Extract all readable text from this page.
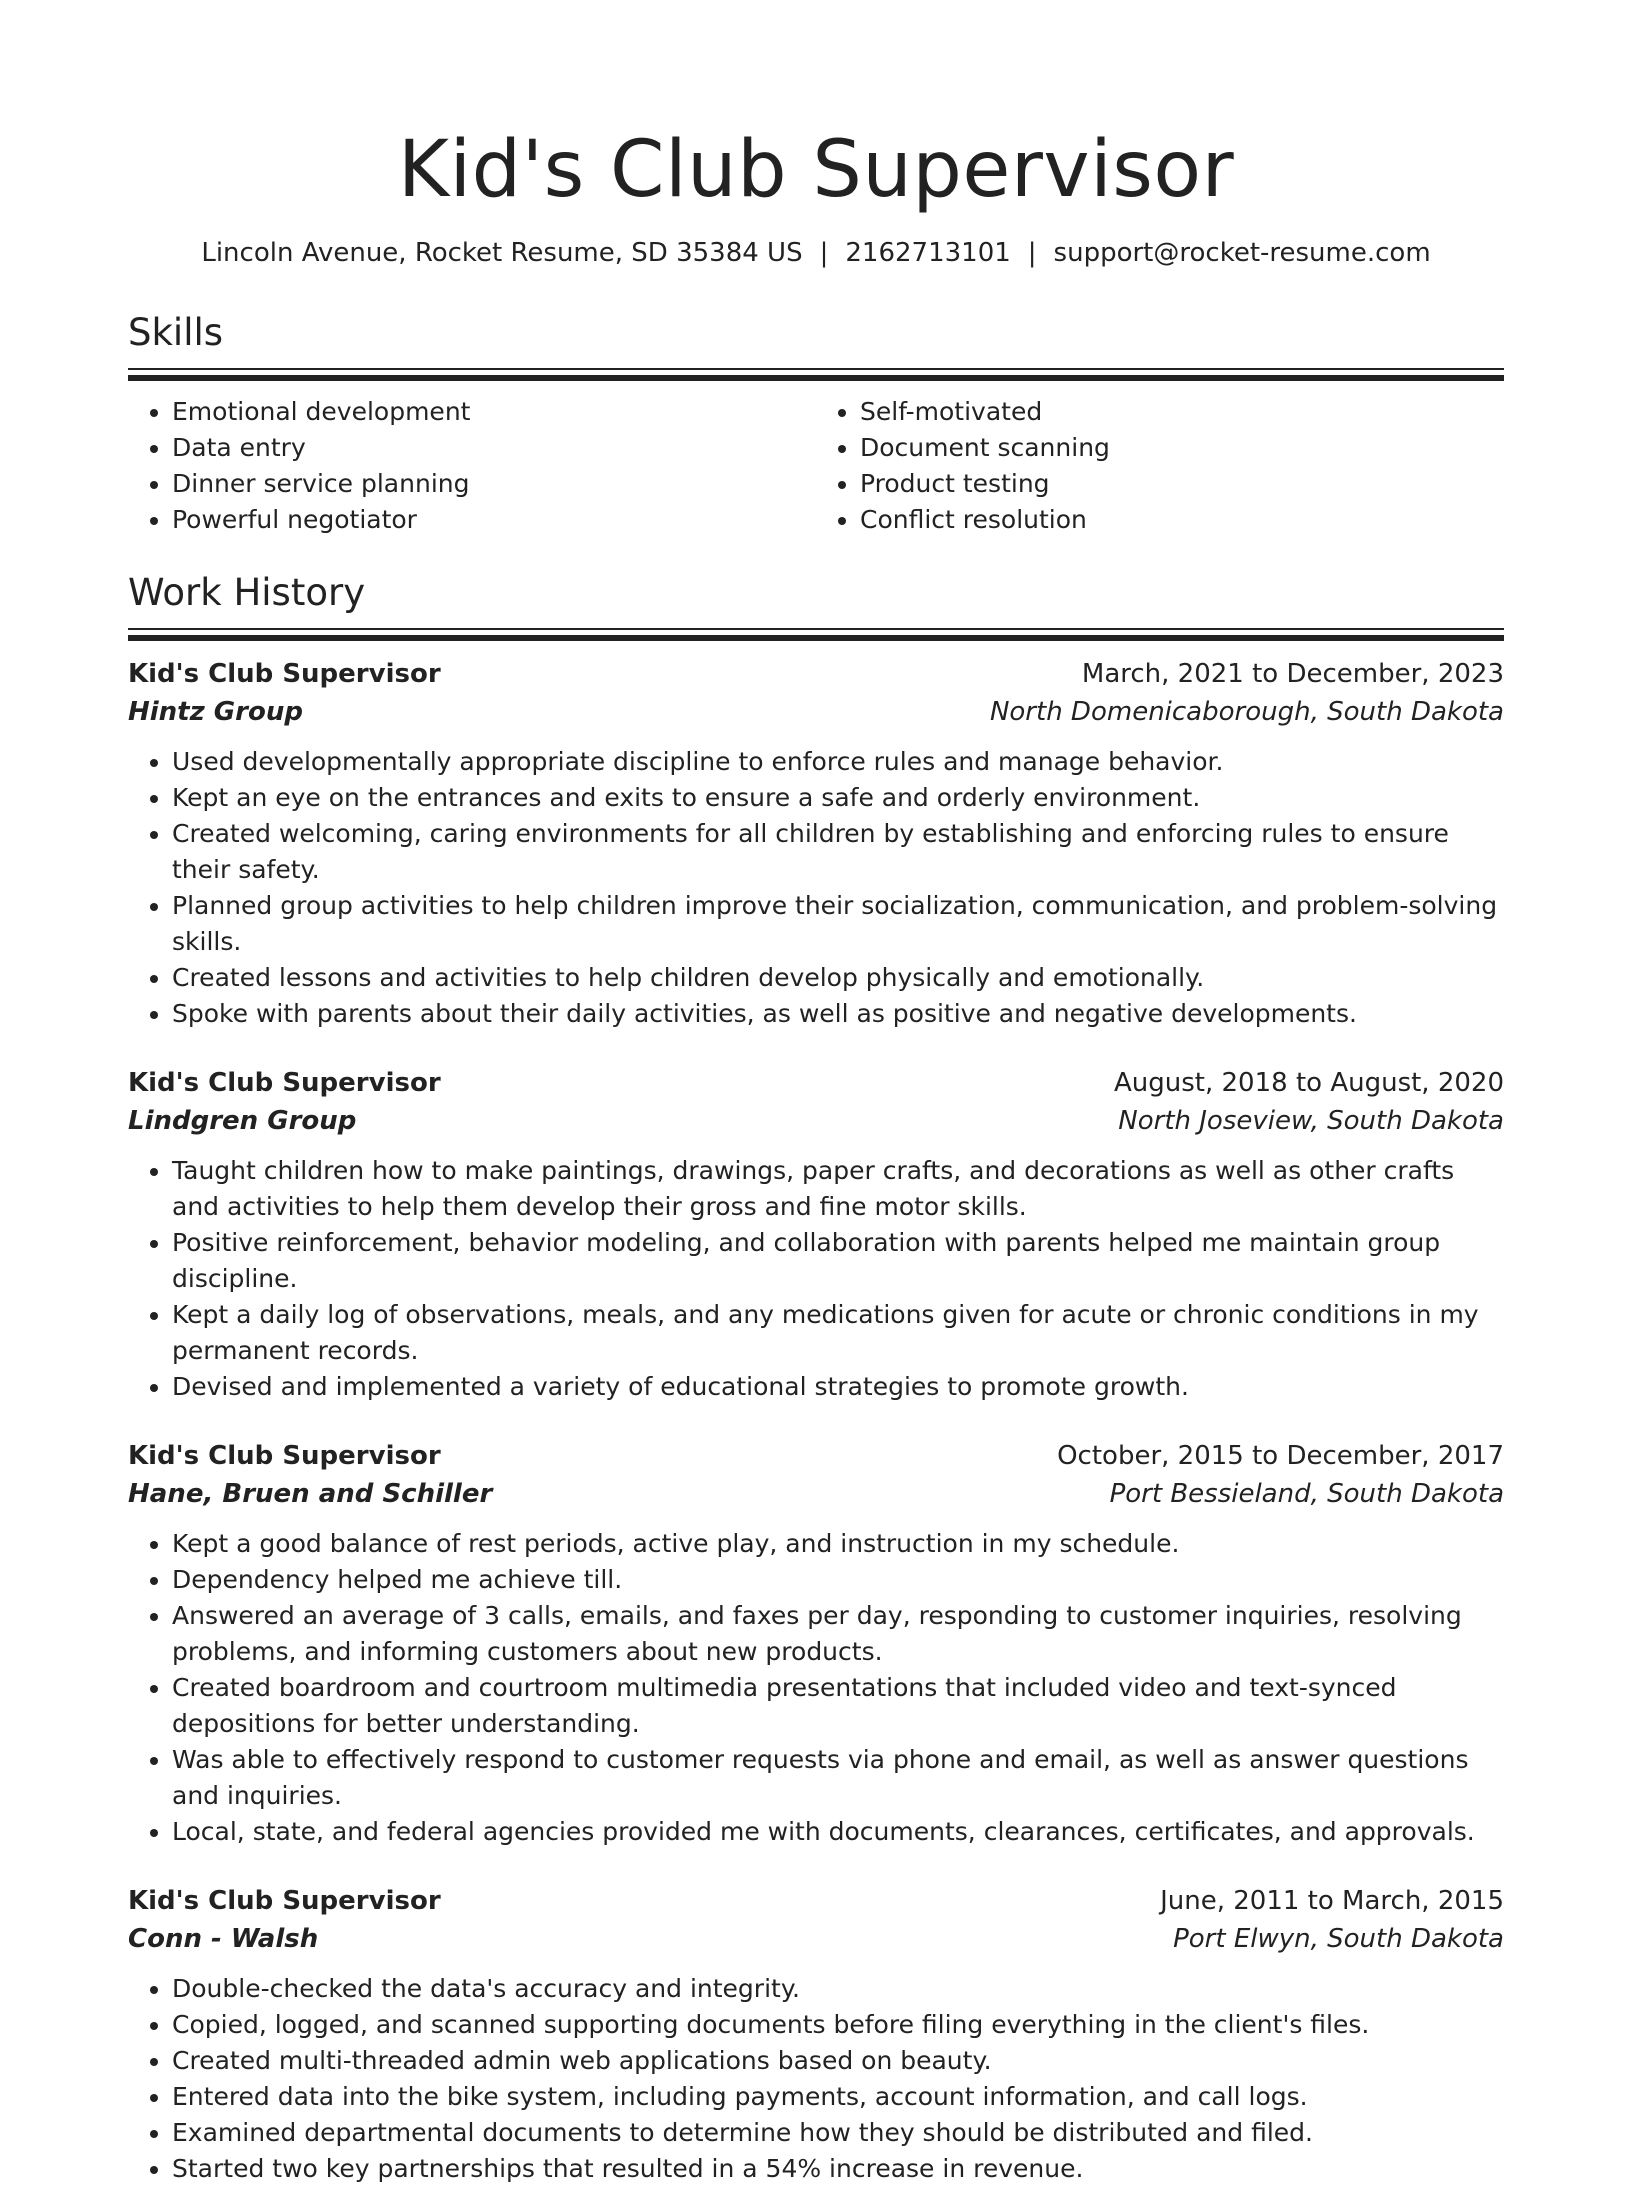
Kid's Club Supervisor
Lincoln Avenue, Rocket Resume, SD 35384 US | 2162713101 | support@rocket-resume.com
Skills
• Emotional development
• Data entry
• Dinner service planning
• Powerful negotiator
• Self-motivated
• Document scanning
• Product testing
• Conflict resolution
Work History
Kid's Club Supervisor	March, 2021 to December, 2023
Hintz Group	North Domenicaborough, South Dakota
• Used developmentally appropriate discipline to enforce rules and manage behavior.
• Kept an eye on the entrances and exits to ensure a safe and orderly environment.
• Created welcoming, caring environments for all children by establishing and enforcing rules to ensure their safety.
• Planned group activities to help children improve their socialization, communication, and problem-solving skills.
• Created lessons and activities to help children develop physically and emotionally.
• Spoke with parents about their daily activities, as well as positive and negative developments.
Kid's Club Supervisor	August, 2018 to August, 2020
Lindgren Group	North Joseview, South Dakota
• Taught children how to make paintings, drawings, paper crafts, and decorations as well as other crafts and activities to help them develop their gross and fine motor skills.
• Positive reinforcement, behavior modeling, and collaboration with parents helped me maintain group discipline.
• Kept a daily log of observations, meals, and any medications given for acute or chronic conditions in my permanent records.
• Devised and implemented a variety of educational strategies to promote growth.
Kid's Club Supervisor	October, 2015 to December, 2017
Hane, Bruen and Schiller	Port Bessieland, South Dakota
• Kept a good balance of rest periods, active play, and instruction in my schedule.
• Dependency helped me achieve till.
• Answered an average of 3 calls, emails, and faxes per day, responding to customer inquiries, resolving problems, and informing customers about new products.
• Created boardroom and courtroom multimedia presentations that included video and text-synced depositions for better understanding.
• Was able to effectively respond to customer requests via phone and email, as well as answer questions and inquiries.
• Local, state, and federal agencies provided me with documents, clearances, certificates, and approvals.
Kid's Club Supervisor	June, 2011 to March, 2015
Conn - Walsh	Port Elwyn, South Dakota
• Double-checked the data's accuracy and integrity.
• Copied, logged, and scanned supporting documents before filing everything in the client's files.
• Created multi-threaded admin web applications based on beauty.
• Entered data into the bike system, including payments, account information, and call logs.
• Examined departmental documents to determine how they should be distributed and filed.
• Started two key partnerships that resulted in a 54% increase in revenue.
